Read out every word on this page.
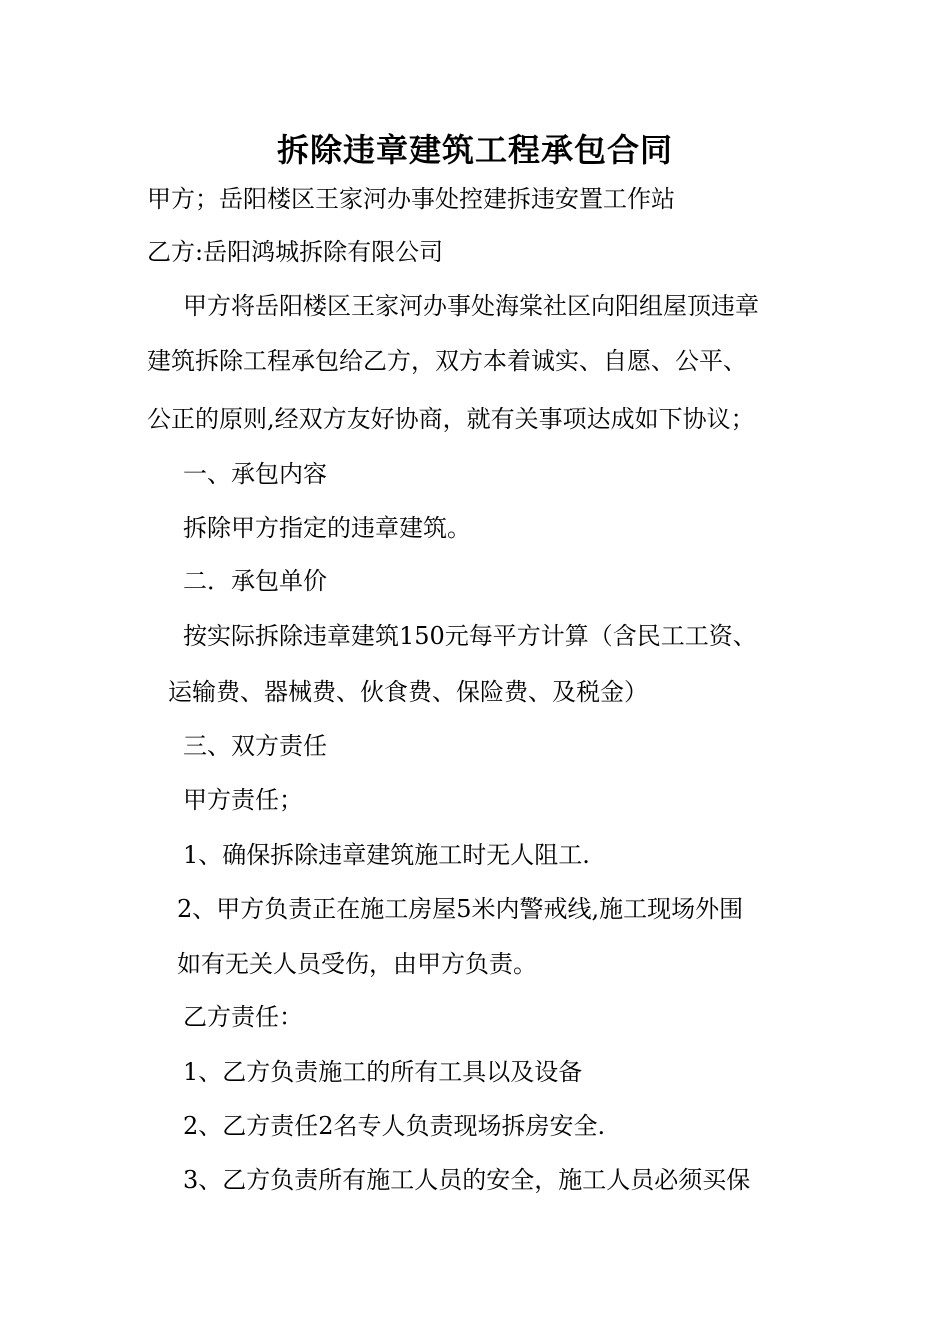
拆除违章建筑工程承包合同
甲方；岳阳楼区王家河办事处控建拆违安置工作站
乙方:岳阳鸿城拆除有限公司
甲方将岳阳楼区王家河办事处海棠社区向阳组屋顶违章
建筑拆除工程承包给乙方，双方本着诚实、自愿、公平、
公正的原则,经双方友好协商，就有关事项达成如下协议；
一、承包内容
拆除甲方指定的违章建筑。
二．承包单价
按实际拆除违章建筑150元每平方计算（含民工工资、
运输费、器械费、伙食费、保险费、及税金）
三、双方责任
甲方责任；
1、确保拆除违章建筑施工时无人阻工.
2、甲方负责正在施工房屋5米内警戒线,施工现场外围
如有无关人员受伤，由甲方负责。
乙方责任：
1、乙方负责施工的所有工具以及设备
2、乙方责任2名专人负责现场拆房安全.
3、乙方负责所有施工人员的安全，施工人员必须买保
